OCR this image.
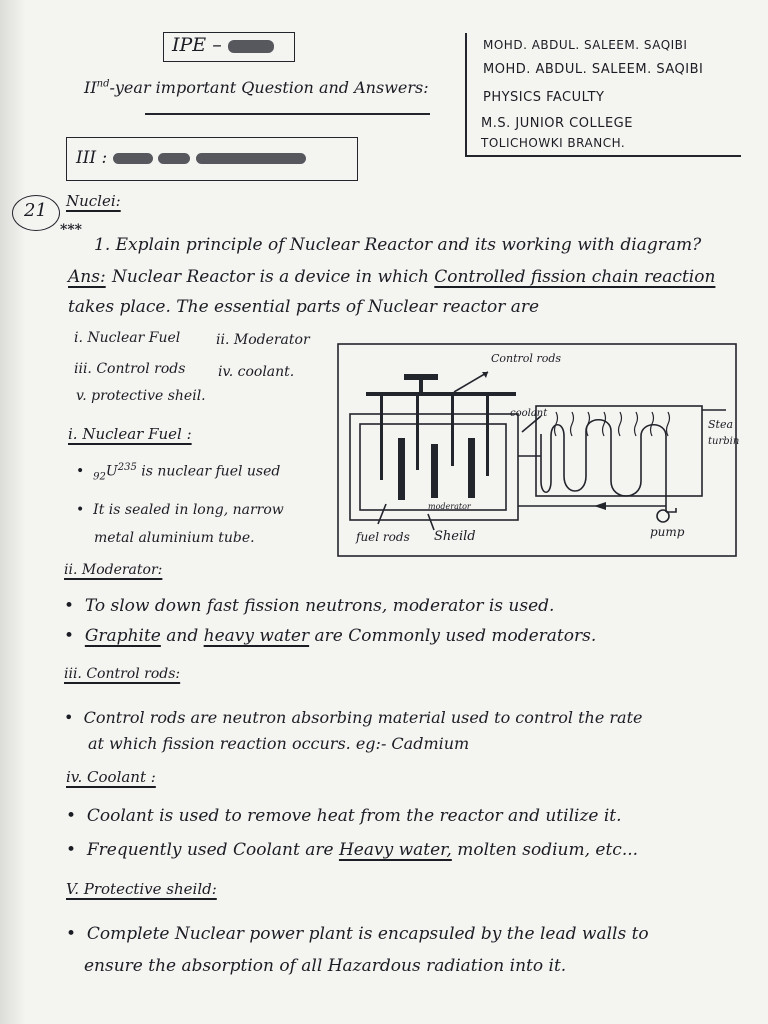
IPE –
IInd-year important Question and Answers:
III :
MOHD. ABDUL. SALEEM. SAQIBI
MOHD. ABDUL. SALEEM. SAQIBI
PHYSICS FACULTY
M.S. JUNIOR COLLEGE
TOLICHOWKI BRANCH.
21 Nuclei:
***
1. Explain principle of Nuclear Reactor and its working with diagram?
Ans: Nuclear Reactor is a device in which Controlled fission chain reaction
takes place. The essential parts of Nuclear reactor are
i. Nuclear Fuel	ii. Moderator
iii. Control rods iv. coolant.
v. protective sheil.
i. Nuclear Fuel :
•  $_{92}U^{235}$ is nuclear fuel used
•  It is sealed in long, narrow
metal aluminium tube.
Control rods
coolant
moderator
fuel rods Sheild	pump
Stea
turbin
ii. Moderator:
•  To slow down fast fission neutrons, moderator is used.
•  Graphite and heavy water are Commonly used moderators.
iii. Control rods:
•  Control rods are neutron absorbing material used to control the rate
at which fission reaction occurs. eg:- Cadmium
iv. Coolant :
•  Coolant is used to remove heat from the reactor and utilize it.
•  Frequently used Coolant are Heavy water, molten sodium, etc...
V. Protective sheild:
•  Complete Nuclear power plant is encapsuled by the lead walls to
ensure the absorption of all Hazardous radiation into it.
